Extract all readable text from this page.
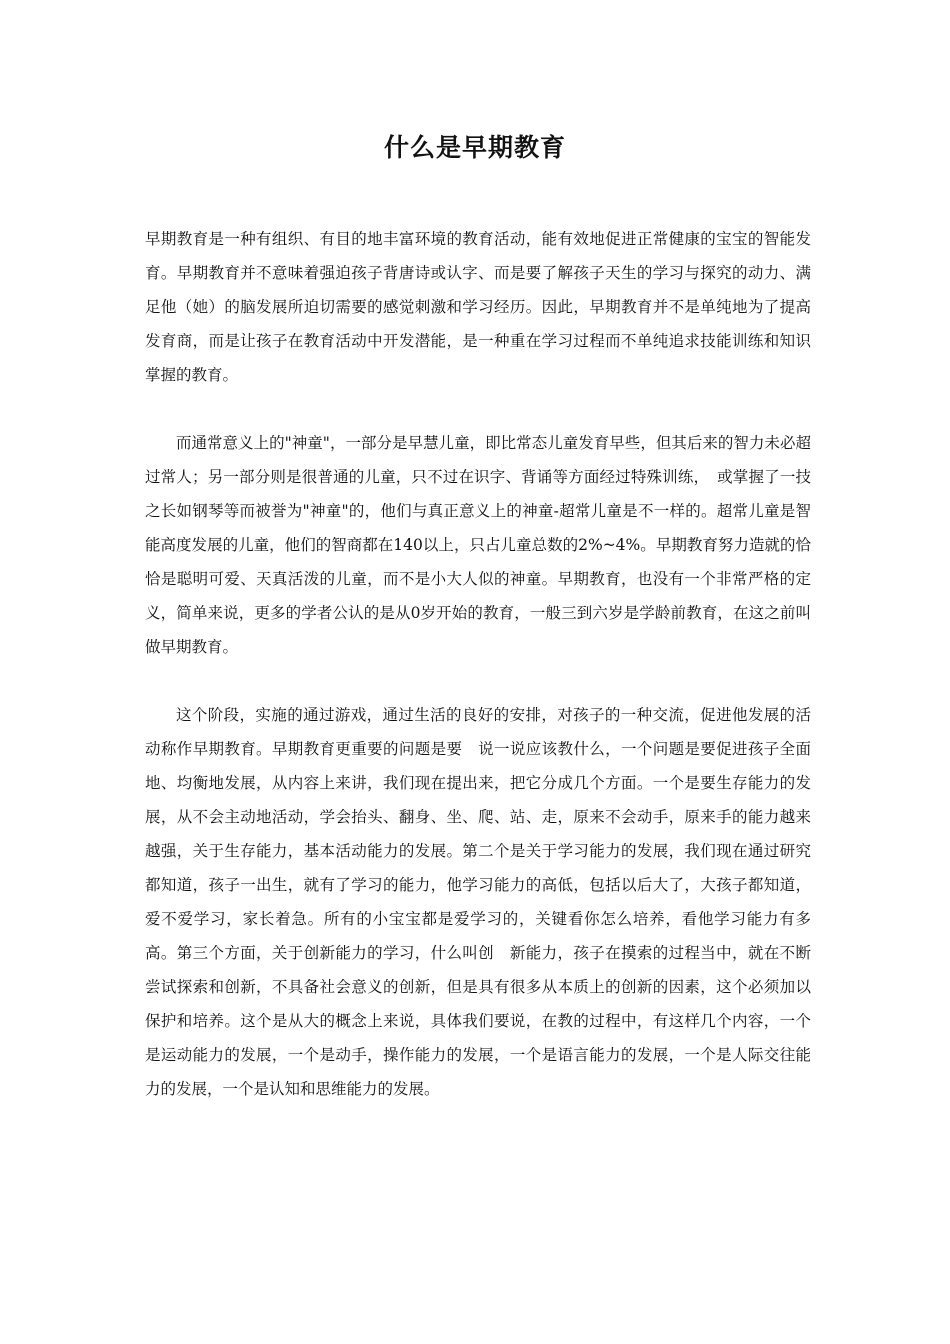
什么是早期教育

早期教育是一种有组织、有目的地丰富环境的教育活动，能有效地促进正常健康的宝宝的智能发育。早期教育并不意味着强迫孩子背唐诗或认字、而是要了解孩子天生的学习与探究的动力、满足他（她）的脑发展所迫切需要的感觉刺激和学习经历。因此，早期教育并不是单纯地为了提高发育商，而是让孩子在教育活动中开发潜能，是一种重在学习过程而不单纯追求技能训练和知识掌握的教育。

而通常意义上的"神童"，一部分是早慧儿童，即比常态儿童发育早些，但其后来的智力未必超过常人；另一部分则是很普通的儿童，只不过在识字、背诵等方面经过特殊训练，　或掌握了一技之长如钢琴等而被誉为"神童"的，他们与真正意义上的神童-超常儿童是不一样的。超常儿童是智能高度发展的儿童，他们的智商都在140以上，只占儿童总数的2%~4%。早期教育努力造就的恰恰是聪明可爱、天真活泼的儿童，而不是小大人似的神童。早期教育，也没有一个非常严格的定义，简单来说，更多的学者公认的是从0岁开始的教育，一般三到六岁是学龄前教育，在这之前叫做早期教育。

这个阶段，实施的通过游戏，通过生活的良好的安排，对孩子的一种交流，促进他发展的活动称作早期教育。早期教育更重要的问题是要　说一说应该教什么，一个问题是要促进孩子全面地、均衡地发展，从内容上来讲，我们现在提出来，把它分成几个方面。一个是要生存能力的发展，从不会主动地活动，学会抬头、翻身、坐、爬、站、走，原来不会动手，原来手的能力越来越强，关于生存能力，基本活动能力的发展。第二个是关于学习能力的发展，我们现在通过研究都知道，孩子一出生，就有了学习的能力，他学习能力的高低，包括以后大了，大孩子都知道，爱不爱学习，家长着急。所有的小宝宝都是爱学习的，关键看你怎么培养，看他学习能力有多高。第三个方面，关于创新能力的学习，什么叫创　新能力，孩子在摸索的过程当中，就在不断尝试探索和创新，不具备社会意义的创新，但是具有很多从本质上的创新的因素，这个必须加以保护和培养。这个是从大的概念上来说，具体我们要说，在教的过程中，有这样几个内容，一个是运动能力的发展，一个是动手，操作能力的发展，一个是语言能力的发展，一个是人际交往能力的发展，一个是认知和思维能力的发展。
